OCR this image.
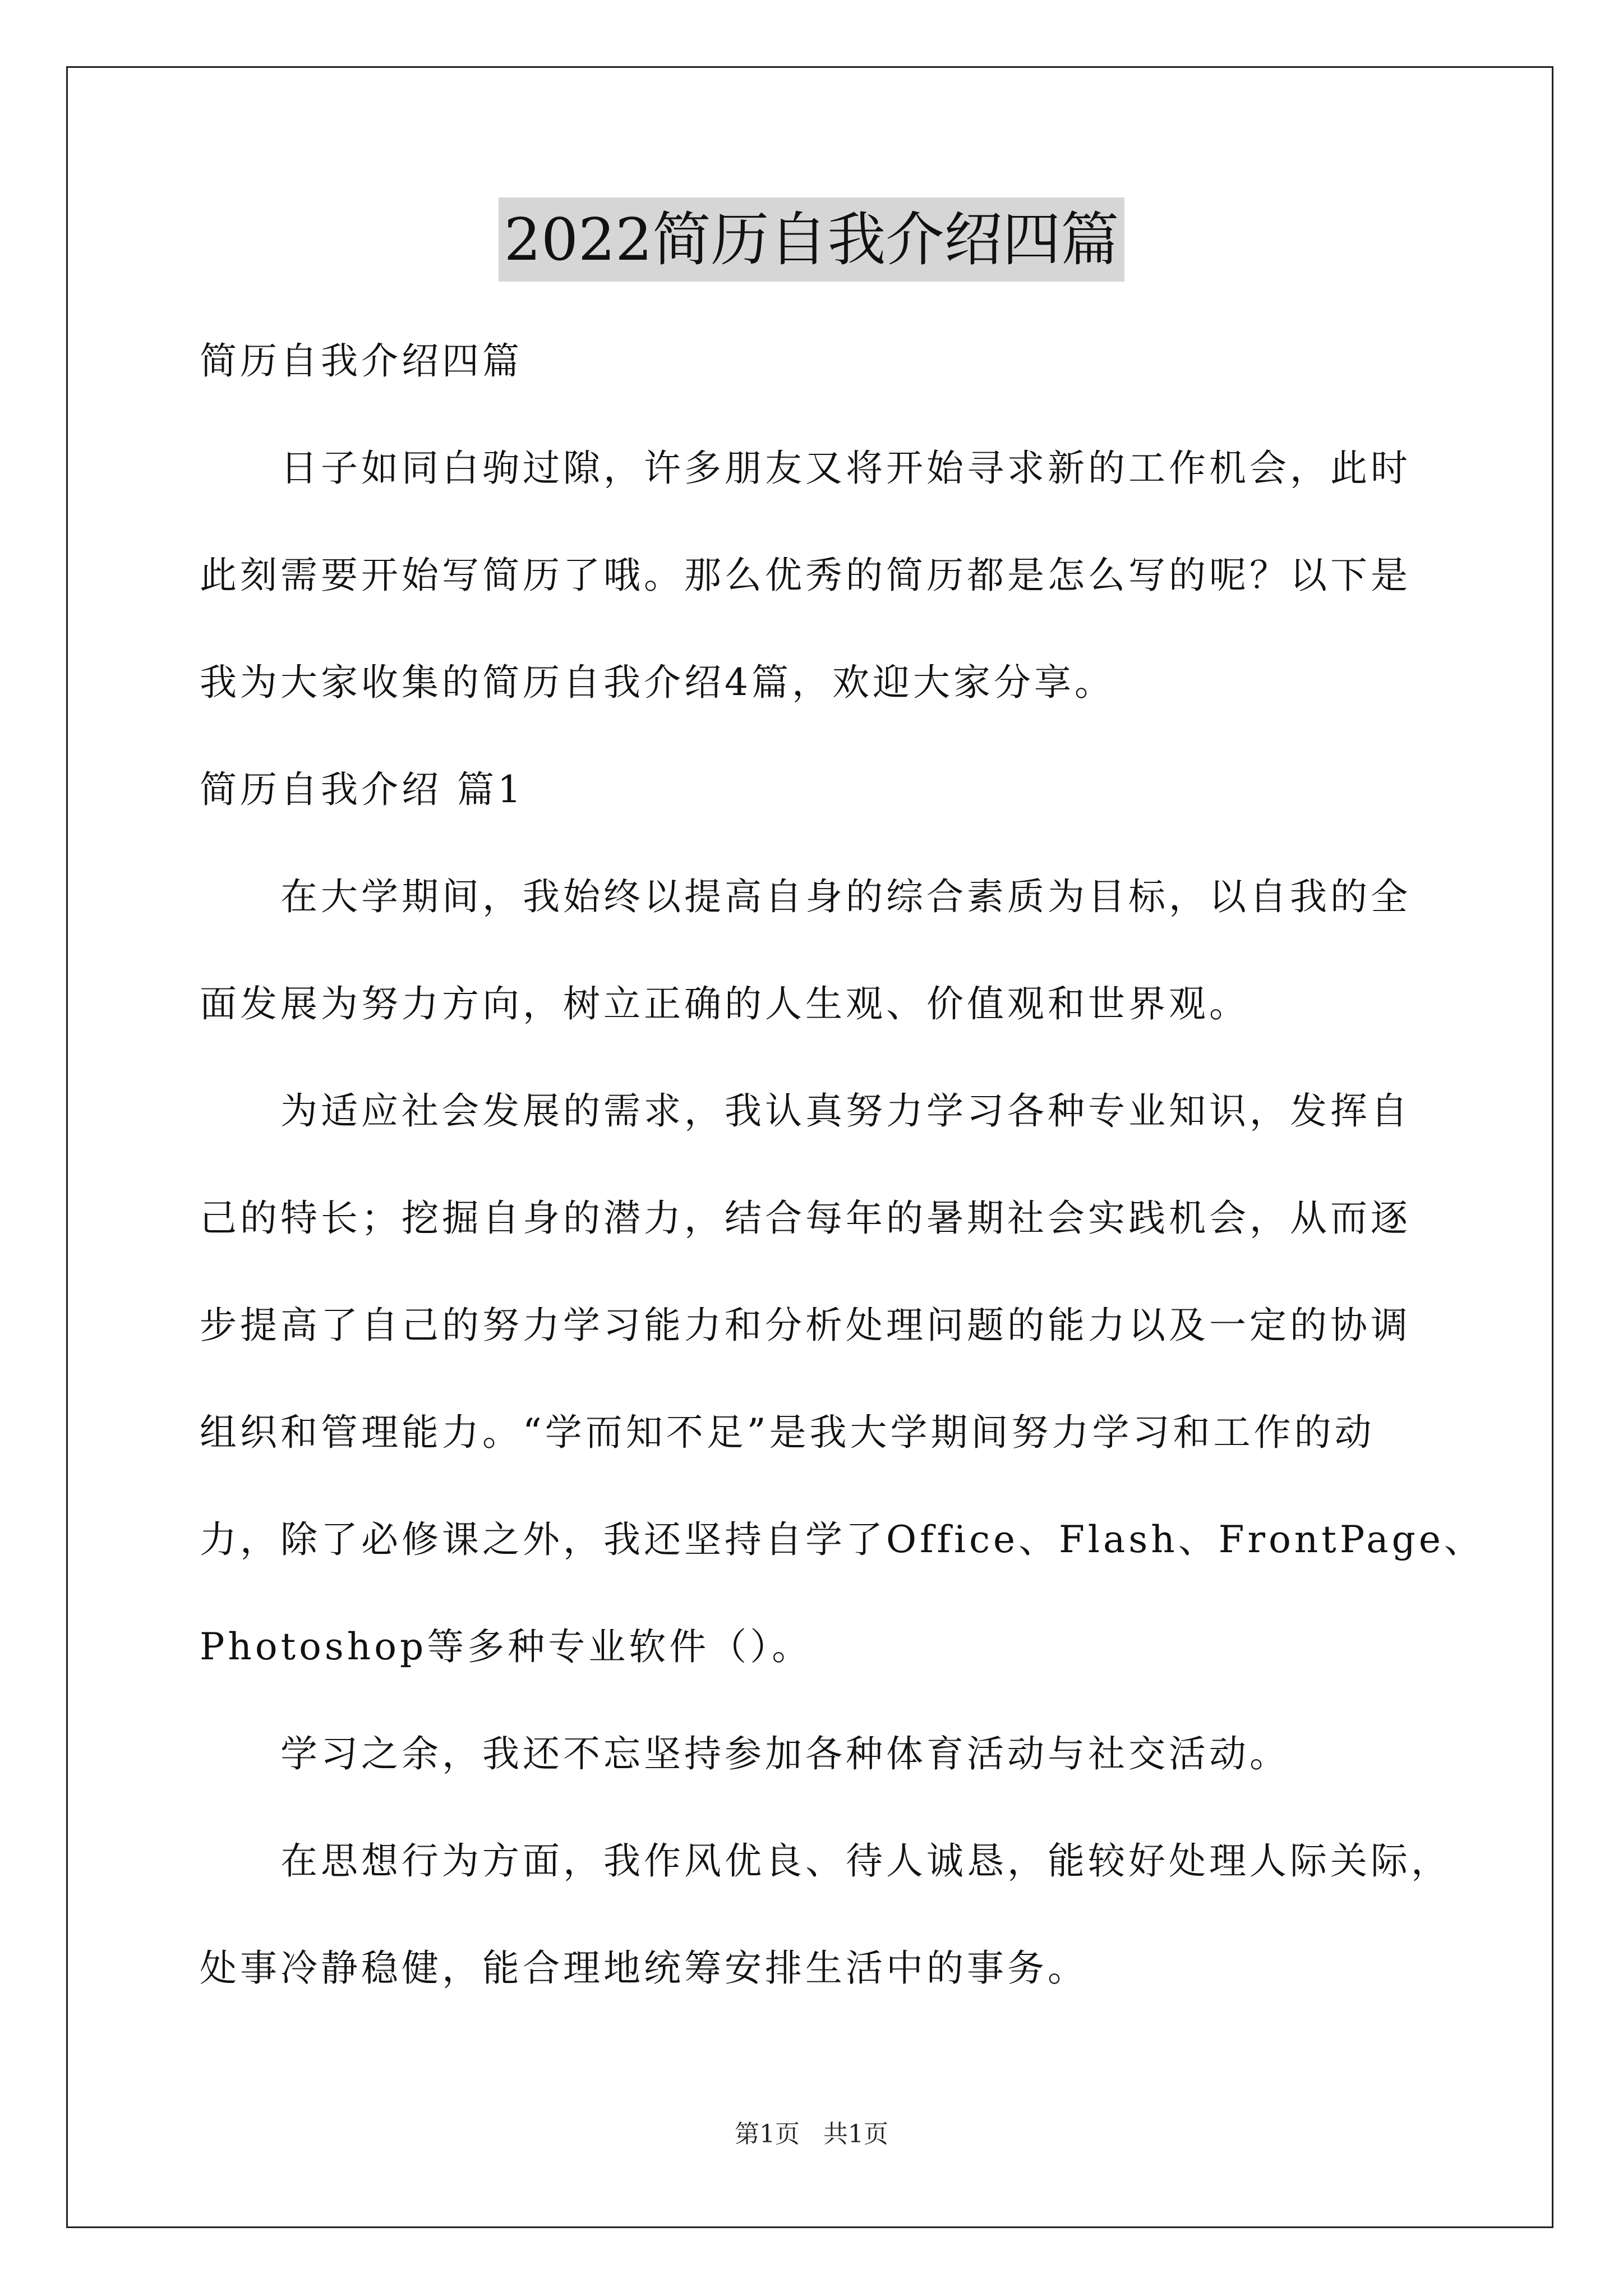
2022简历自我介绍四篇

简历自我介绍四篇

日子如同白驹过隙，许多朋友又将开始寻求新的工作机会，此时

此刻需要开始写简历了哦。那么优秀的简历都是怎么写的呢？以下是

我为大家收集的简历自我介绍4篇，欢迎大家分享。

简历自我介绍 篇1

在大学期间，我始终以提高自身的综合素质为目标，以自我的全

面发展为努力方向，树立正确的人生观、价值观和世界观。

为适应社会发展的需求，我认真努力学习各种专业知识，发挥自

己的特长；挖掘自身的潜力，结合每年的暑期社会实践机会，从而逐

步提高了自己的努力学习能力和分析处理问题的能力以及一定的协调

组织和管理能力。“学而知不足”是我大学期间努力学习和工作的动

力，除了必修课之外，我还坚持自学了Office、Flash、FrontPage、

Photoshop等多种专业软件（）。

学习之余，我还不忘坚持参加各种体育活动与社交活动。

在思想行为方面，我作风优良、待人诚恳，能较好处理人际关际，

处事冷静稳健，能合理地统筹安排生活中的事务。

第1页 共1页
